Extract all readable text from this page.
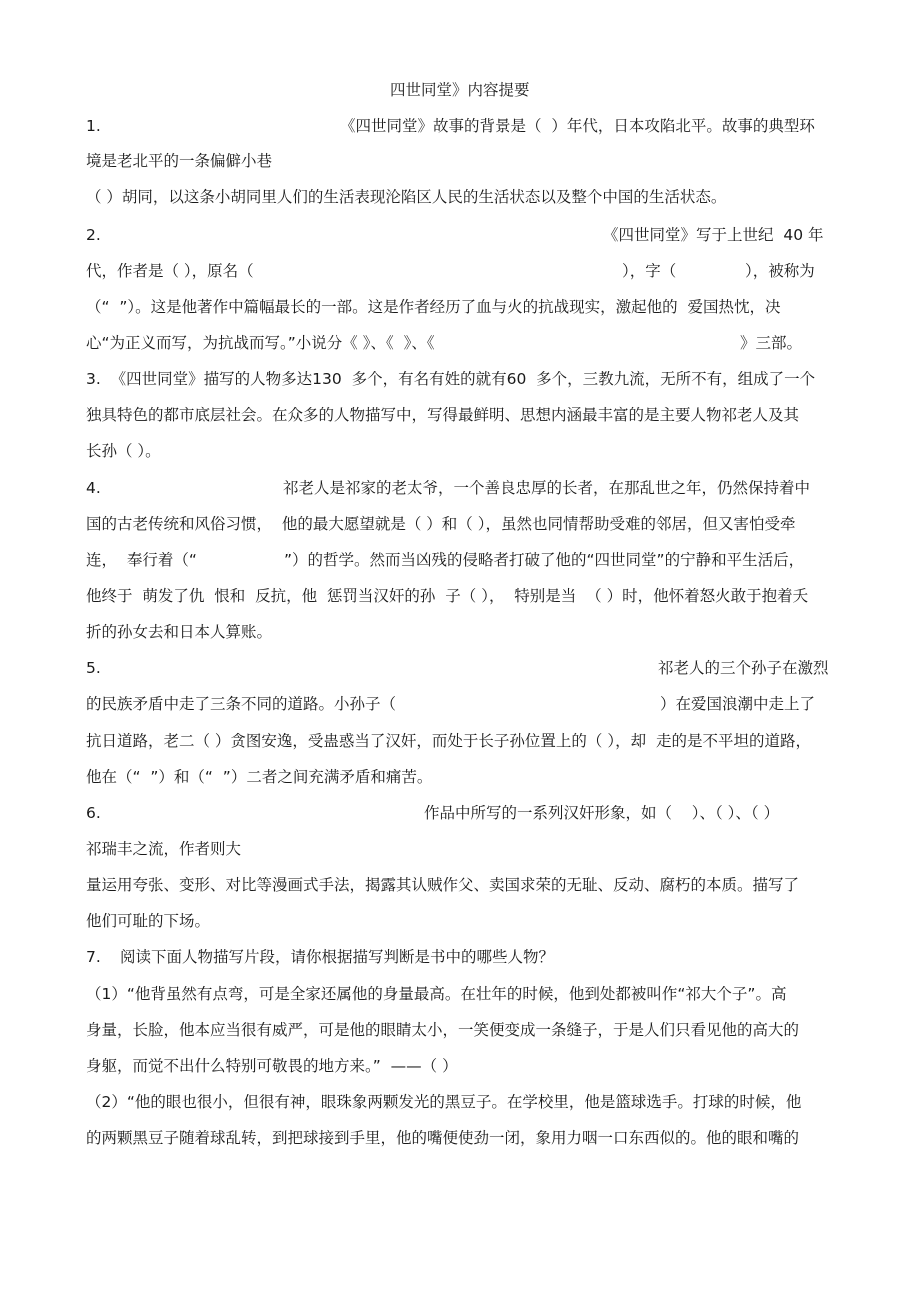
四世同堂》内容提要
1.	《四世同堂》故事的背景是（  ）年代，日本攻陷北平。故事的典型环
境是老北平的一条偏僻小巷
（ ）胡同，以这条小胡同里人们的生活表现沦陷区人民的生活状态以及整个中国的生活状态。
2.	《四世同堂》写于上世纪  40 年
代，作者是（ ），原名（	），字（	），被称为
（“  ”）。这是他著作中篇幅最长的一部。这是作者经历了血与火的抗战现实，激起他的  爱国热忱，决
心“为正义而写，为抗战而写。”小说分《 》、《  》、《	》三部。
3.  《四世同堂》描写的人物多达130  多个，有名有姓的就有60  多个，三教九流，无所不有，组成了一个
独具特色的都市底层社会。在众多的人物描写中，写得最鲜明、思想内涵最丰富的是主要人物祁老人及其
长孙（ ）。
4.	祁老人是祁家的老太爷，一个善良忠厚的长者，在那乱世之年，仍然保持着中
国的古老传统和风俗习惯，  他的最大愿望就是（ ）和（ ），虽然也同情帮助受难的邻居，但又害怕受牵
连，  奉行着（“	”）的哲学。然而当凶残的侵略者打破了他的“四世同堂”的宁静和平生活后，
他终于  萌发了仇  恨和  反抗，他  惩罚当汉奸的孙  子（ ），  特别是当  （ ）时，他怀着怒火敢于抱着夭
折的孙女去和日本人算账。
5.	祁老人的三个孙子在激烈
的民族矛盾中走了三条不同的道路。小孙子（	）在爱国浪潮中走上了
抗日道路，老二（ ）贪图安逸，受蛊惑当了汉奸，而处于长子孙位置上的（ ），却  走的是不平坦的道路，
他在（“  ”）和（“  ”）二者之间充满矛盾和痛苦。
6.	作品中所写的一系列汉奸形象，如（    ）、（ ）、（ ）
祁瑞丰之流，作者则大
量运用夸张、变形、对比等漫画式手法，揭露其认贼作父、卖国求荣的无耻、反动、腐朽的本质。描写了
他们可耻的下场。
7. 阅读下面人物描写片段，请你根据描写判断是书中的哪些人物？
（1）“他背虽然有点弯，可是全家还属他的身量最高。在壮年的时候，他到处都被叫作“祁大个子”。高
身量，长脸，他本应当很有威严，可是他的眼睛太小，一笑便变成一条缝子，于是人们只看见他的高大的
身躯，而觉不出什么特别可敬畏的地方来。”  ——（ ）
（2）“他的眼也很小，但很有神，眼珠象两颗发光的黑豆子。在学校里，他是篮球选手。打球的时候，他
的两颗黑豆子随着球乱转，到把球接到手里，他的嘴便使劲一闭，象用力咽一口东西似的。他的眼和嘴的
